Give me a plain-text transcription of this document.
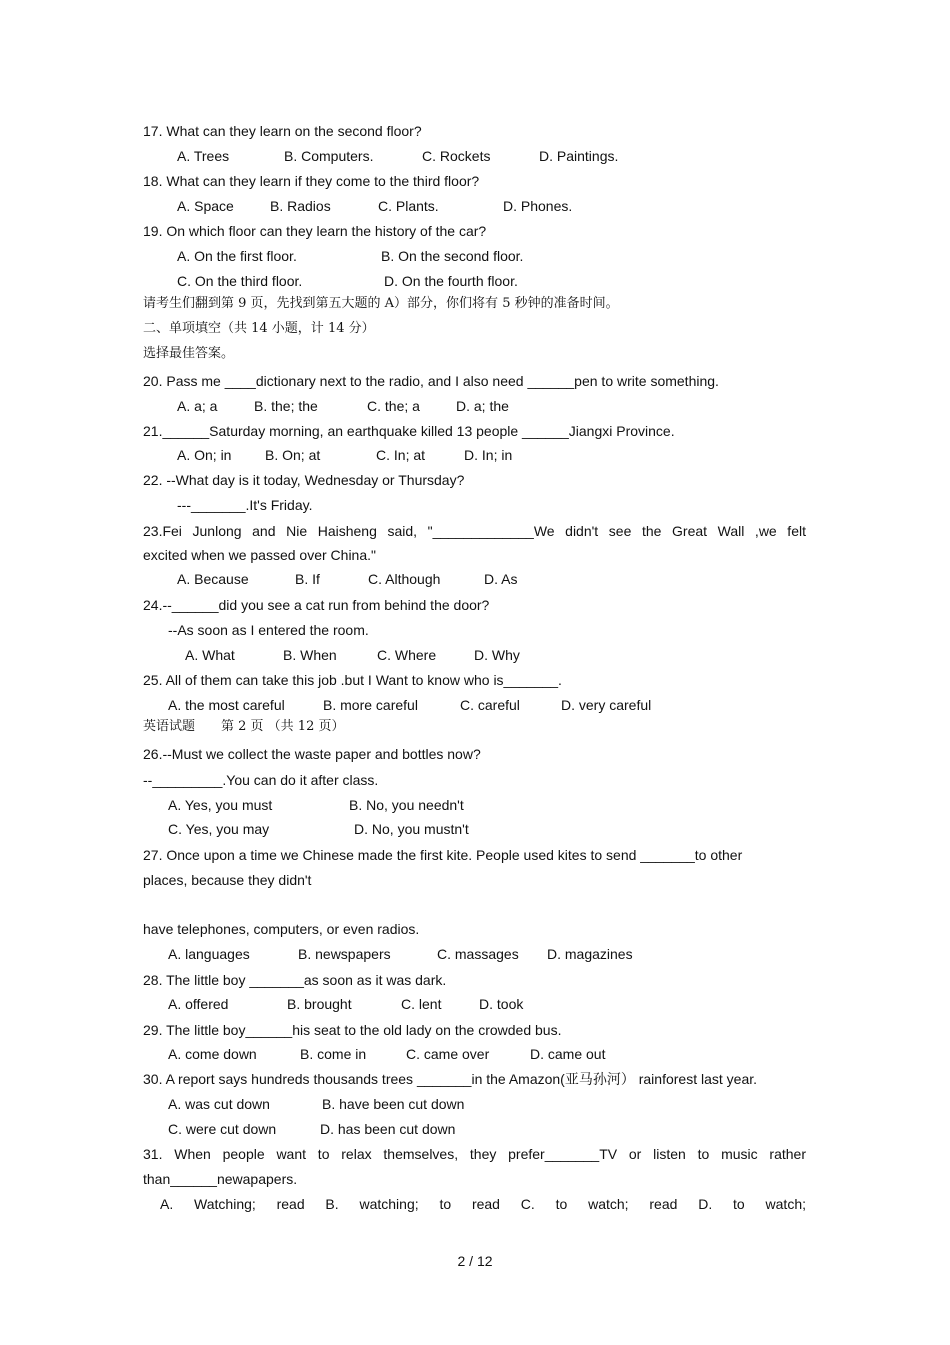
17. What can they learn on the second floor?
A. Trees	B. Computers.	C. Rockets	D. Paintings.
18. What can they learn if they come to the third floor?
A. Space	B. Radios	C. Plants.	D. Phones.
19. On which floor can they learn the history of the car?
A. On the first floor.	B. On the second floor.
C. On the third floor.	D. On the fourth floor.
请考生们翻到第 9 页，先找到第五大题的 A）部分，你们将有 5 秒钟的准备时间。
二、单项填空（共 14 小题，计 14 分）
选择最佳答案。
20. Pass me ____dictionary next to the radio, and I also need ______pen to write something.
A. a; a	B. the; the	C. the; a	D. a; the
21.______Saturday morning, an earthquake killed 13 people ______Jiangxi Province.
A. On; in B. On; at	C. In; at	D. In; in
22. --What day is it today, Wednesday or Thursday?
---_______.It's Friday.
23.Fei Junlong and Nie Haisheng said, "_____________We didn't see the Great Wall ,we felt
excited when we passed over China."
A. Because	B. If	C. Although	D. As
24.--______did you see a cat run from behind the door?
--As soon as I entered the room.
A. What	B. When	C. Where	D. Why
25. All of them can take this job .but I Want to know who is_______.
A. the most careful	B. more careful	C. careful	D. very careful
英语试题　　第 2 页 （共 12 页）
26.--Must we collect the waste paper and bottles now?
--_________.You can do it after class.
A. Yes, you must	B. No, you needn't
C. Yes, you may	D. No, you mustn't
27. Once upon a time we Chinese made the first kite. People used kites to send _______to other
places, because they didn't
have telephones, computers, or even radios.
A. languages	B. newspapers	C. massages D. magazines
28. The little boy _______as soon as it was dark.
A. offered	B. brought	C. lent	D. took
29. The little boy______his seat to the old lady on the crowded bus.
A. come down	B. come in	C. came over	D. came out
30. A report says hundreds thousands trees _______in the Amazon(亚马孙河） rainforest last year.
A. was cut down	B. have been cut down
C. were cut down	D. has been cut down
31. When people want to relax themselves, they prefer_______TV or listen to music rather
than______newapapers.
A. Watching; read B. watching; to read C. to watch; read D. to watch;
2 / 12
